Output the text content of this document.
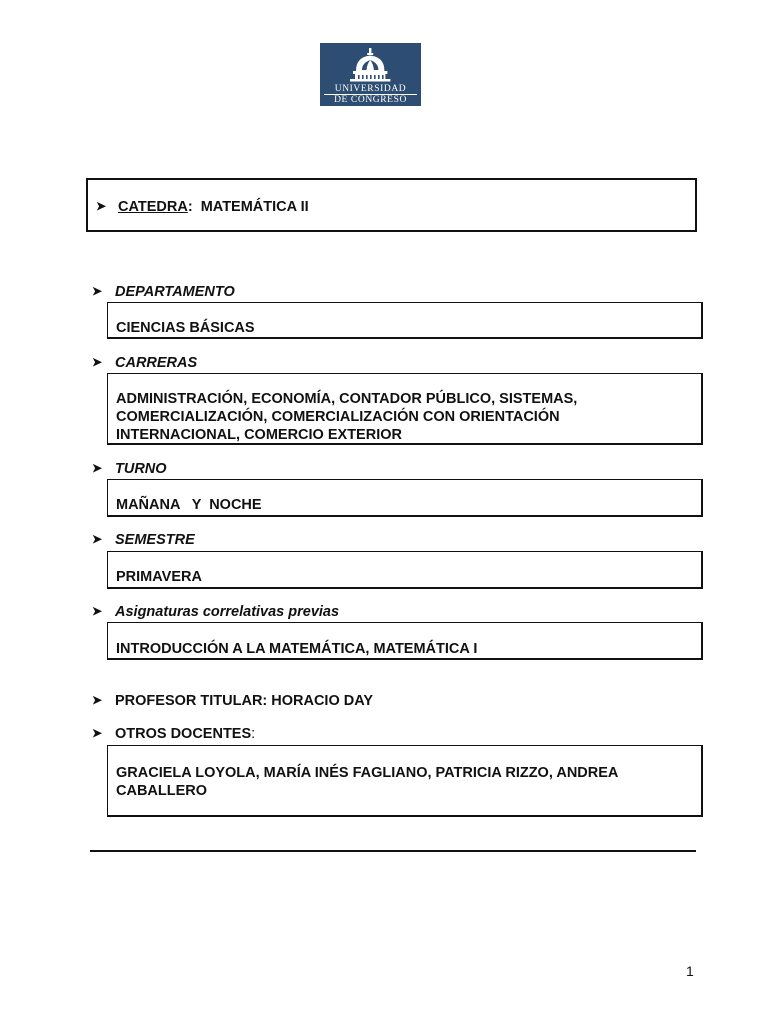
UNIVERSIDAD
DE CONGRESO
➤ CATEDRA: MATEMÁTICA II
➤ DEPARTAMENTO
CIENCIAS BÁSICAS
➤ CARRERAS
ADMINISTRACIÓN, ECONOMÍA, CONTADOR PÚBLICO, SISTEMAS,
COMERCIALIZACIÓN, COMERCIALIZACIÓN CON ORIENTACIÓN
INTERNACIONAL, COMERCIO EXTERIOR
➤ TURNO
MAÑANA   Y  NOCHE
➤ SEMESTRE
PRIMAVERA
➤ Asignaturas correlativas previas
INTRODUCCIÓN A LA MATEMÁTICA, MATEMÁTICA I
➤ PROFESOR TITULAR: HORACIO DAY
➤ OTROS DOCENTES:
GRACIELA LOYOLA, MARÍA INÉS FAGLIANO, PATRICIA RIZZO, ANDREA
CABALLERO
1
